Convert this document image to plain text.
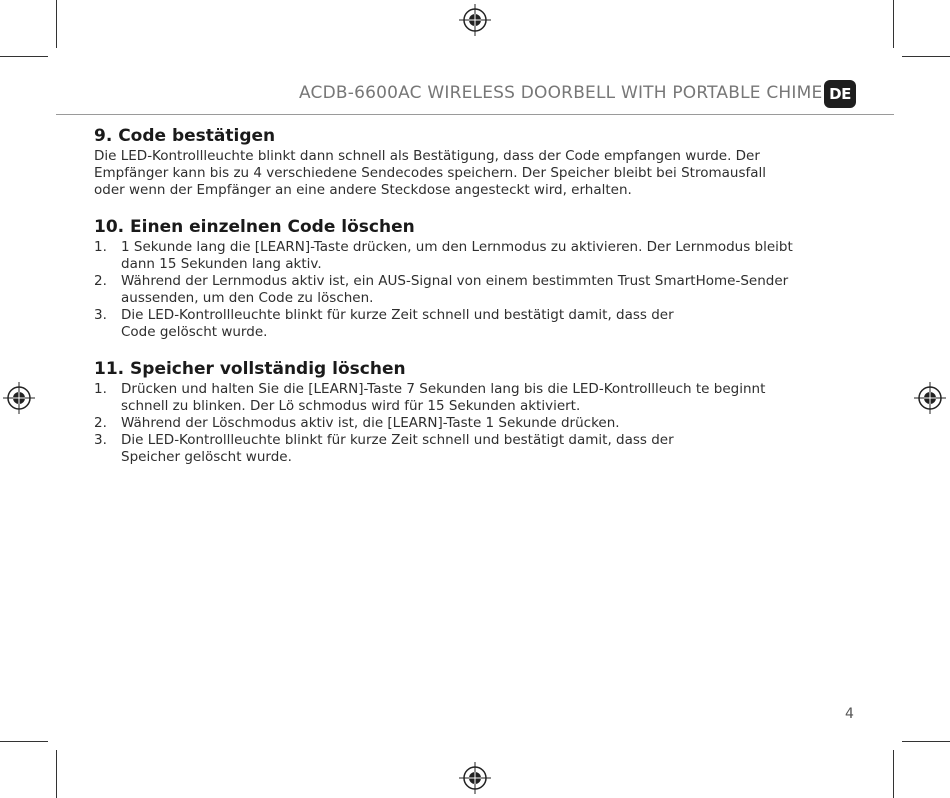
ACDB-6600AC WIRELESS DOORBELL WITH PORTABLE CHIME DE
9. Code bestätigen

Die LED-Kontrollleuchte blinkt dann schnell als Bestätigung, dass der Code empfangen wurde. Der
Empfänger kann bis zu 4 verschiedene Sendecodes speichern. Der Speicher bleibt bei Stromausfall
oder wenn der Empfänger an eine andere Steckdose angesteckt wird, erhalten.

10. Einen einzelnen Code löschen
1. 1 Sekunde lang die [LEARN]-Taste drücken, um den Lernmodus zu aktivieren. Der Lernmodus bleibt
dann 15 Sekunden lang aktiv.
2. Während der Lernmodus aktiv ist, ein AUS-Signal von einem bestimmten Trust SmartHome-Sender
aussenden, um den Code zu löschen.
3. Die LED-Kontrollleuchte blinkt für kurze Zeit schnell und bestätigt damit, dass der
Code gelöscht wurde.
11. Speicher vollständig löschen
1. Drücken und halten Sie die [LEARN]-Taste 7 Sekunden lang bis die LED-Kontrollleuch te beginnt
schnell zu blinken. Der Lö schmodus wird für 15 Sekunden aktiviert.
2. Während der Löschmodus aktiv ist, die [LEARN]-Taste 1 Sekunde drücken.
3. Die LED-Kontrollleuchte blinkt für kurze Zeit schnell und bestätigt damit, dass der
Speicher gelöscht wurde.
4
